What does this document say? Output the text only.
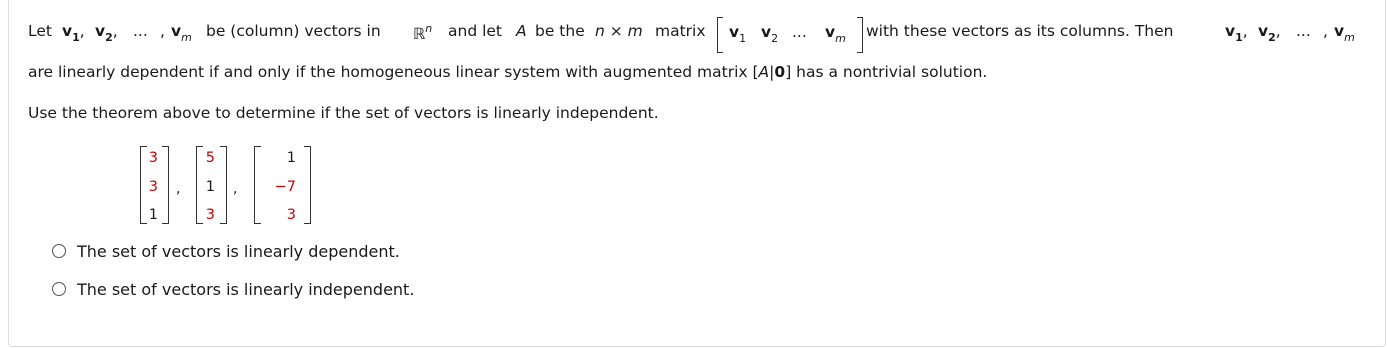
Let $v_1$, $v_2$, ... , $v_m$ be (column) vectors in ℝ$^n$ and let A be the n × m matrix	with these vectors as its columns. Then	$v_1$, $v_2$, ... , $v_m$
$v_1$ $v_2$ ... $v_m$
are linearly dependent if and only if the homogeneous linear system with augmented matrix [A|0] has a nontrivial solution.
Use the theorem above to determine if the set of vectors is linearly independent.
3
3
1
,
5
1
3
,
1
−7
3
The set of vectors is linearly dependent.
The set of vectors is linearly independent.
